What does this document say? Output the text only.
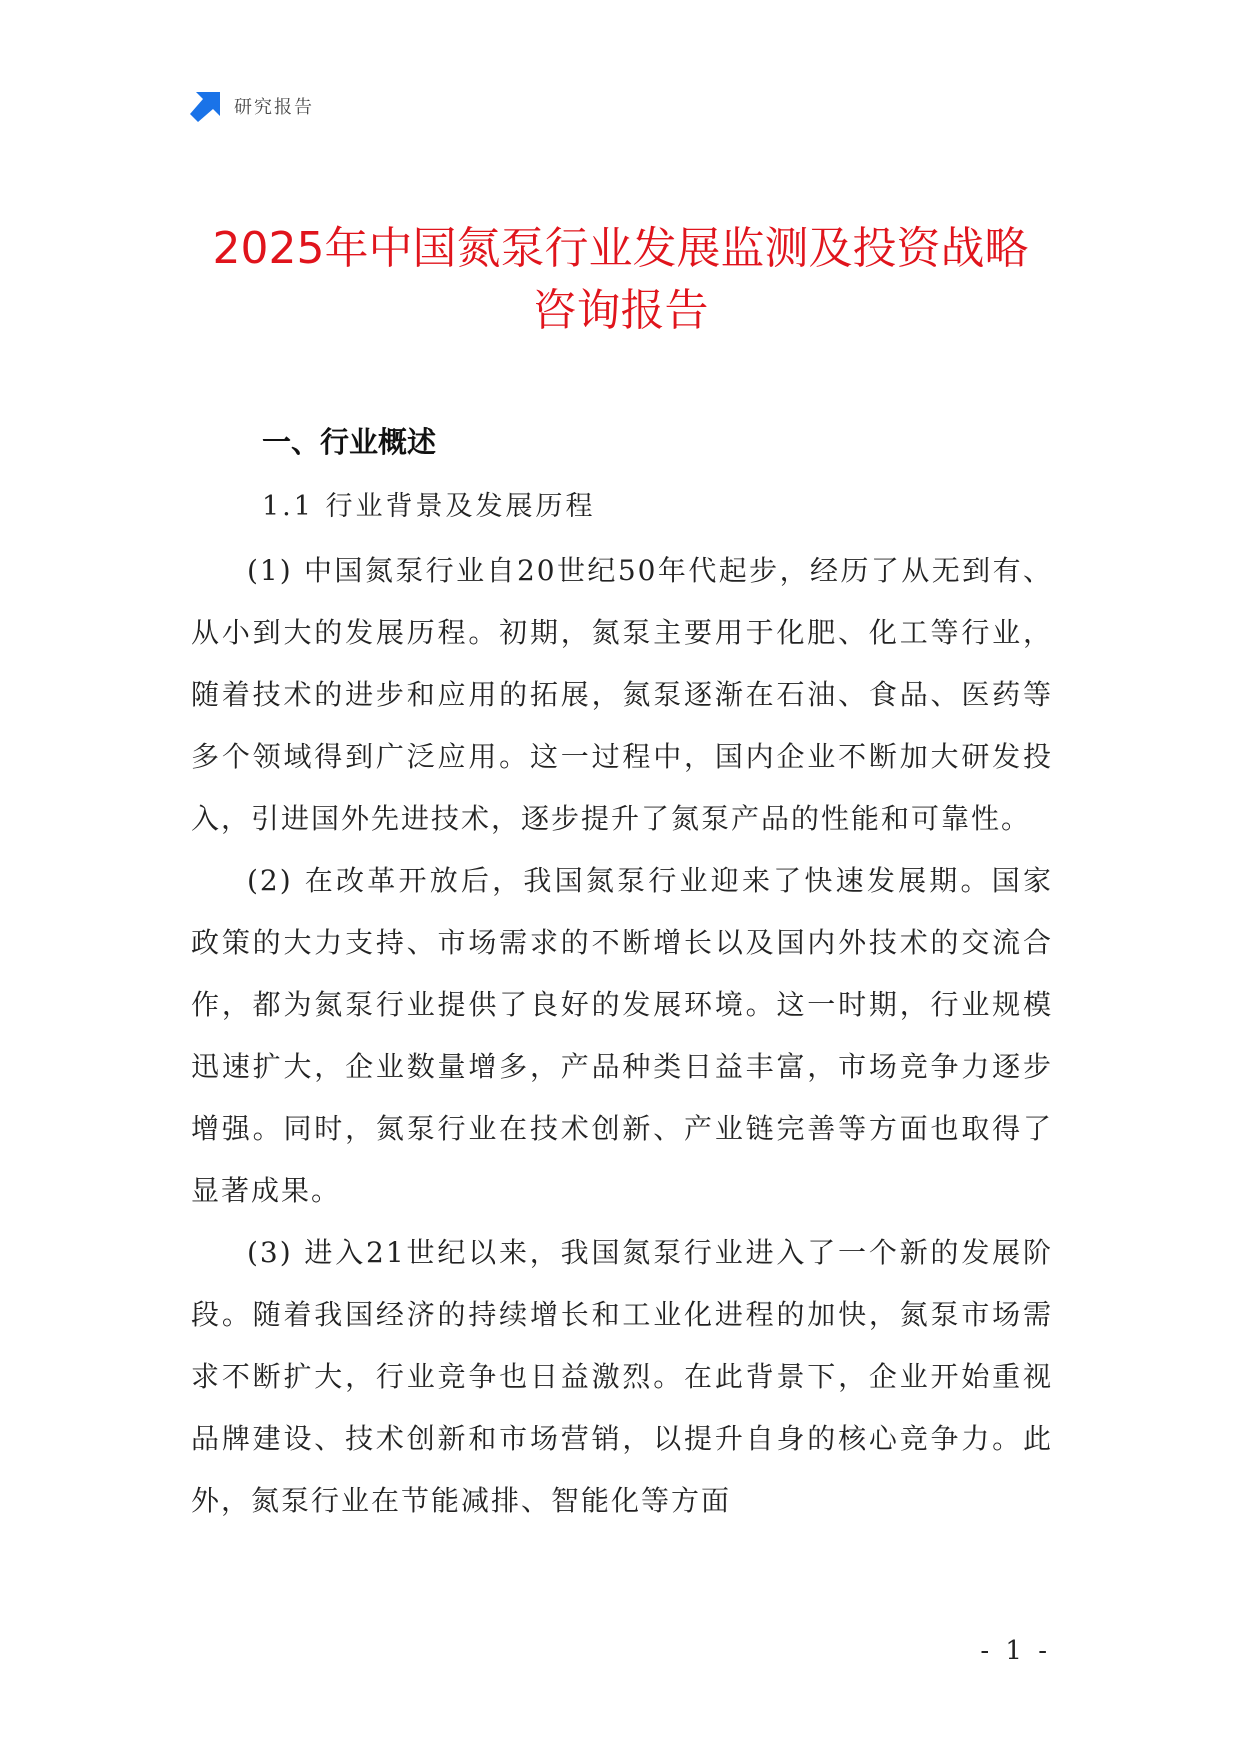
研究报告
2025年中国氮泵行业发展监测及投资战略
咨询报告
一、行业概述
1.1 行业背景及发展历程

(1) 中国氮泵行业自20世纪50年代起步，经历了从无到有、从小到大的发展历程。初期，氮泵主要用于化肥、化工等行业，随着技术的进步和应用的拓展，氮泵逐渐在石油、食品、医药等多个领域得到广泛应用。这一过程中，国内企业不断加大研发投入，引进国外先进技术，逐步提升了氮泵产品的性能和可靠性。

(2) 在改革开放后，我国氮泵行业迎来了快速发展期。国家政策的大力支持、市场需求的不断增长以及国内外技术的交流合作，都为氮泵行业提供了良好的发展环境。这一时期，行业规模迅速扩大，企业数量增多，产品种类日益丰富，市场竞争力逐步增强。同时，氮泵行业在技术创新、产业链完善等方面也取得了显著成果。

(3) 进入21世纪以来，我国氮泵行业进入了一个新的发展阶段。随着我国经济的持续增长和工业化进程的加快，氮泵市场需求不断扩大，行业竞争也日益激烈。在此背景下，企业开始重视品牌建设、技术创新和市场营销，以提升自身的核心竞争力。此外，氮泵行业在节能减排、智能化等方面

- 1 -
